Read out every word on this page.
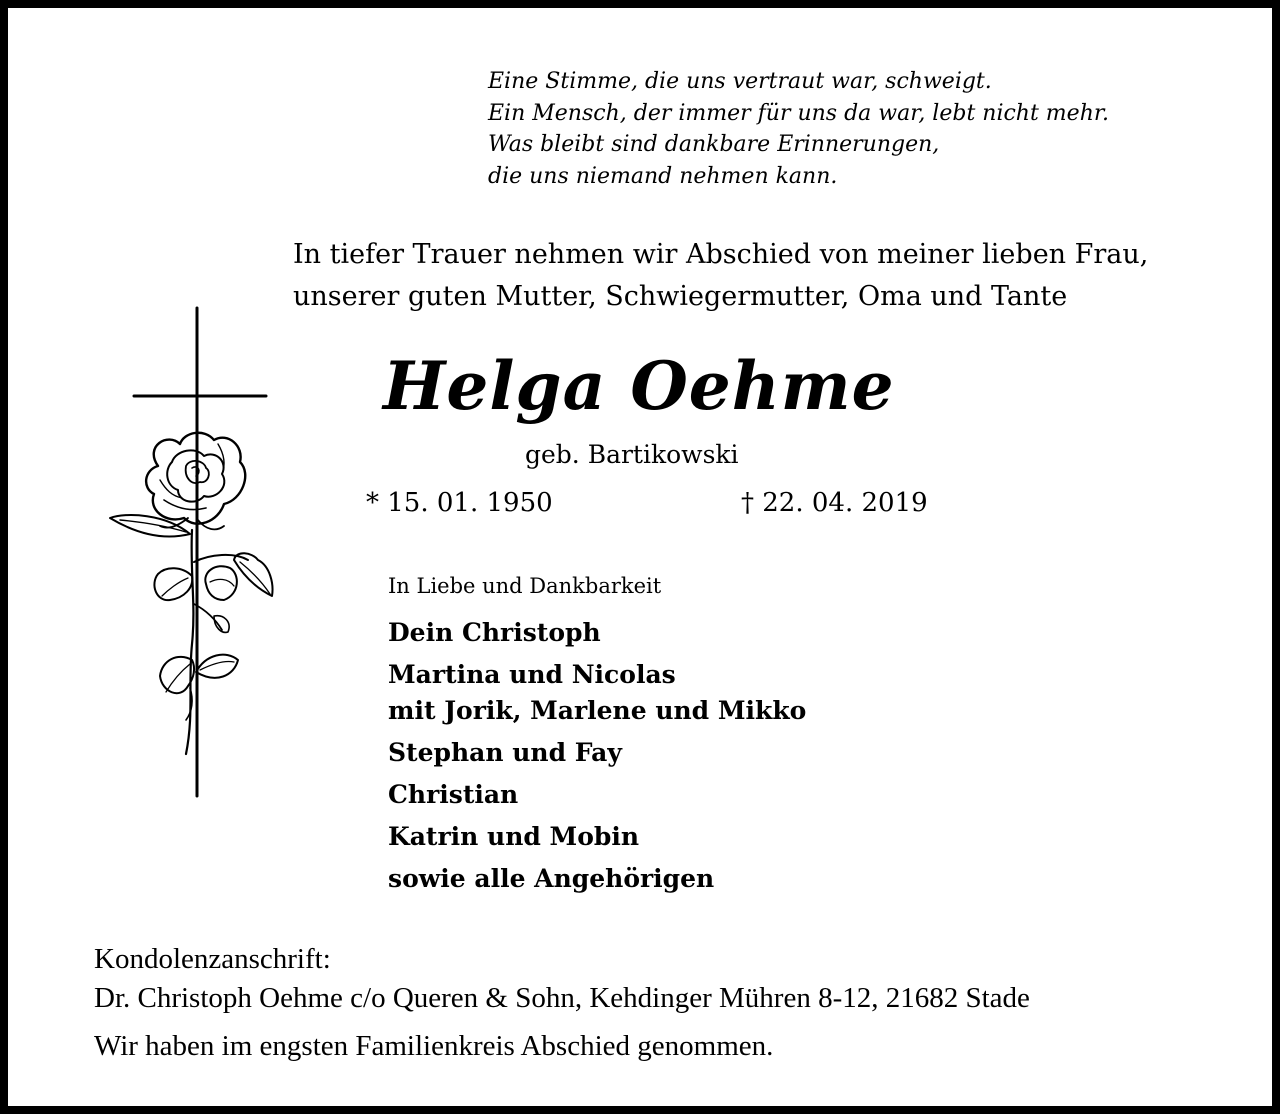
Eine Stimme, die uns vertraut war, schweigt.
Ein Mensch, der immer für uns da war, lebt nicht mehr.
Was bleibt sind dankbare Erinnerungen,
die uns niemand nehmen kann.
In tiefer Trauer nehmen wir Abschied von meiner lieben Frau,
unserer guten Mutter, Schwiegermutter, Oma und Tante
Helga Oehme
geb. Bartikowski
* 15. 01. 1950	† 22. 04. 2019
In Liebe und Dankbarkeit
Dein Christoph
Martina und Nicolas
mit Jorik, Marlene und Mikko
Stephan und Fay
Christian
Katrin und Mobin
sowie alle Angehörigen
Kondolenzanschrift:
Dr. Christoph Oehme c/o Queren & Sohn, Kehdinger Mühren 8-12, 21682 Stade
Wir haben im engsten Familienkreis Abschied genommen.
